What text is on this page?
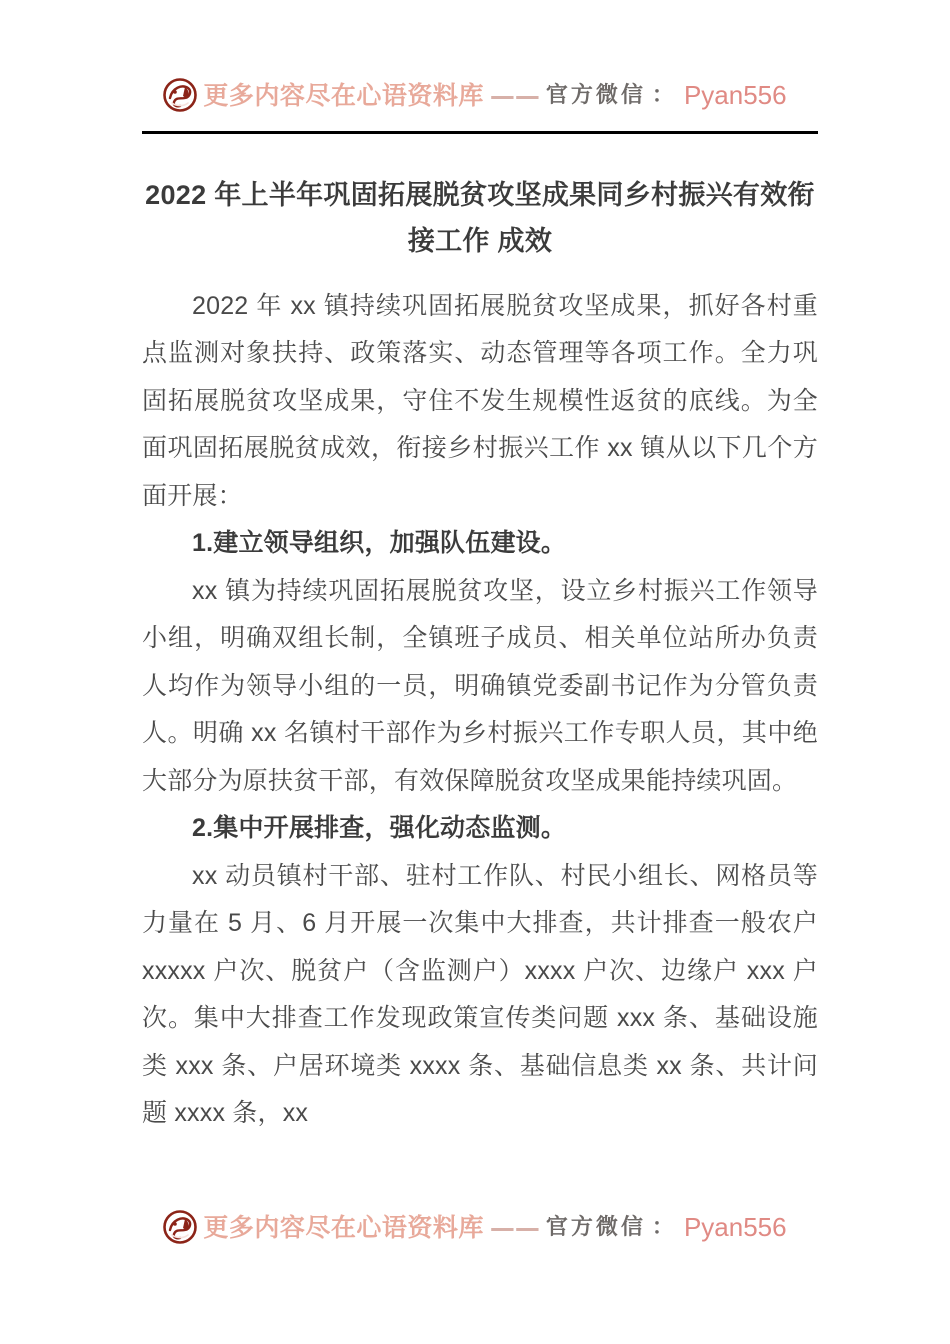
更多内容尽在心语资料库 —— 官方微信 ： Pyan556
2022 年上半年巩固拓展脱贫攻坚成果同乡村振兴有效衔接工作 成效

2022 年 xx 镇持续巩固拓展脱贫攻坚成果，抓好各村重点监测对象扶持、政策落实、动态管理等各项工作。全力巩固拓展脱贫攻坚成果，守住不发生规模性返贫的底线。为全面巩固拓展脱贫成效，衔接乡村振兴工作 xx 镇从以下几个方面开展：

1.建立领导组织，加强队伍建设。

xx 镇为持续巩固拓展脱贫攻坚，设立乡村振兴工作领导小组，明确双组长制，全镇班子成员、相关单位站所办负责人均作为领导小组的一员，明确镇党委副书记作为分管负责人。明确 xx 名镇村干部作为乡村振兴工作专职人员，其中绝大部分为原扶贫干部，有效保障脱贫攻坚成果能持续巩固。

2.集中开展排查，强化动态监测。

xx 动员镇村干部、驻村工作队、村民小组长、网格员等力量在 5 月、6 月开展一次集中大排查，共计排查一般农户 xxxxx 户次、脱贫户（含监测户）xxxx 户次、边缘户 xxx 户次。集中大排查工作发现政策宣传类问题 xxx 条、基础设施类 xxx 条、户居环境类 xxxx 条、基础信息类 xx 条、共计问题 xxxx 条，xx

更多内容尽在心语资料库 —— 官方微信 ： Pyan556
